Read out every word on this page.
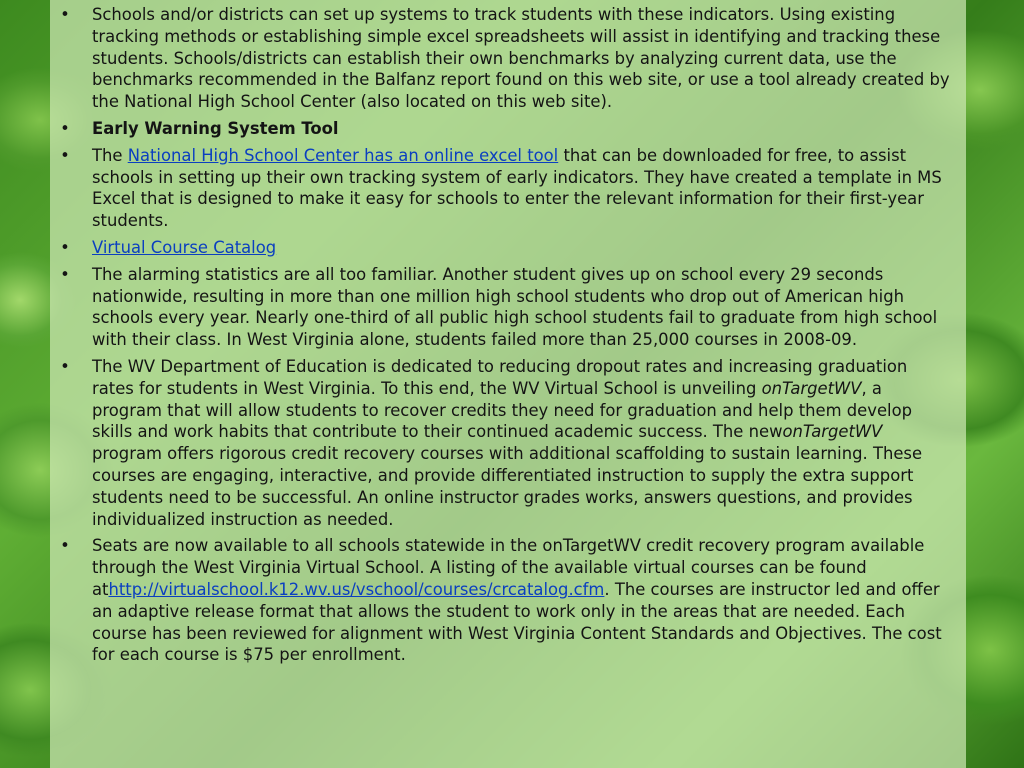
• Schools and/or districts can set up systems to track students with these indicators. Using existing tracking methods or establishing simple excel spreadsheets will assist in identifying and tracking these students. Schools/districts can establish their own benchmarks by analyzing current data, use the benchmarks recommended in the Balfanz report found on this web site, or use a tool already created by the National High School Center (also located on this web site).
• Early Warning System Tool
• The National High School Center has an online excel tool that can be downloaded for free, to assist schools in setting up their own tracking system of early indicators. They have created a template in MS Excel that is designed to make it easy for schools to enter the relevant information for their first-year students.
• Virtual Course Catalog
• The alarming statistics are all too familiar. Another student gives up on school every 29 seconds nationwide, resulting in more than one million high school students who drop out of American high schools every year. Nearly one-third of all public high school students fail to graduate from high school with their class. In West Virginia alone, students failed more than 25,000 courses in 2008-09.
• The WV Department of Education is dedicated to reducing dropout rates and increasing graduation rates for students in West Virginia. To this end, the WV Virtual School is unveiling onTargetWV, a program that will allow students to recover credits they need for graduation and help them develop skills and work habits that contribute to their continued academic success. The newonTargetWV program offers rigorous credit recovery courses with additional scaffolding to sustain learning. These courses are engaging, interactive, and provide differentiated instruction to supply the extra support students need to be successful. An online instructor grades works, answers questions, and provides individualized instruction as needed.
• Seats are now available to all schools statewide in the onTargetWV credit recovery program available through the West Virginia Virtual School. A listing of the available virtual courses can be found athttp://virtualschool.k12.wv.us/vschool/courses/crcatalog.cfm. The courses are instructor led and offer an adaptive release format that allows the student to work only in the areas that are needed. Each course has been reviewed for alignment with West Virginia Content Standards and Objectives. The cost for each course is $75 per enrollment.
